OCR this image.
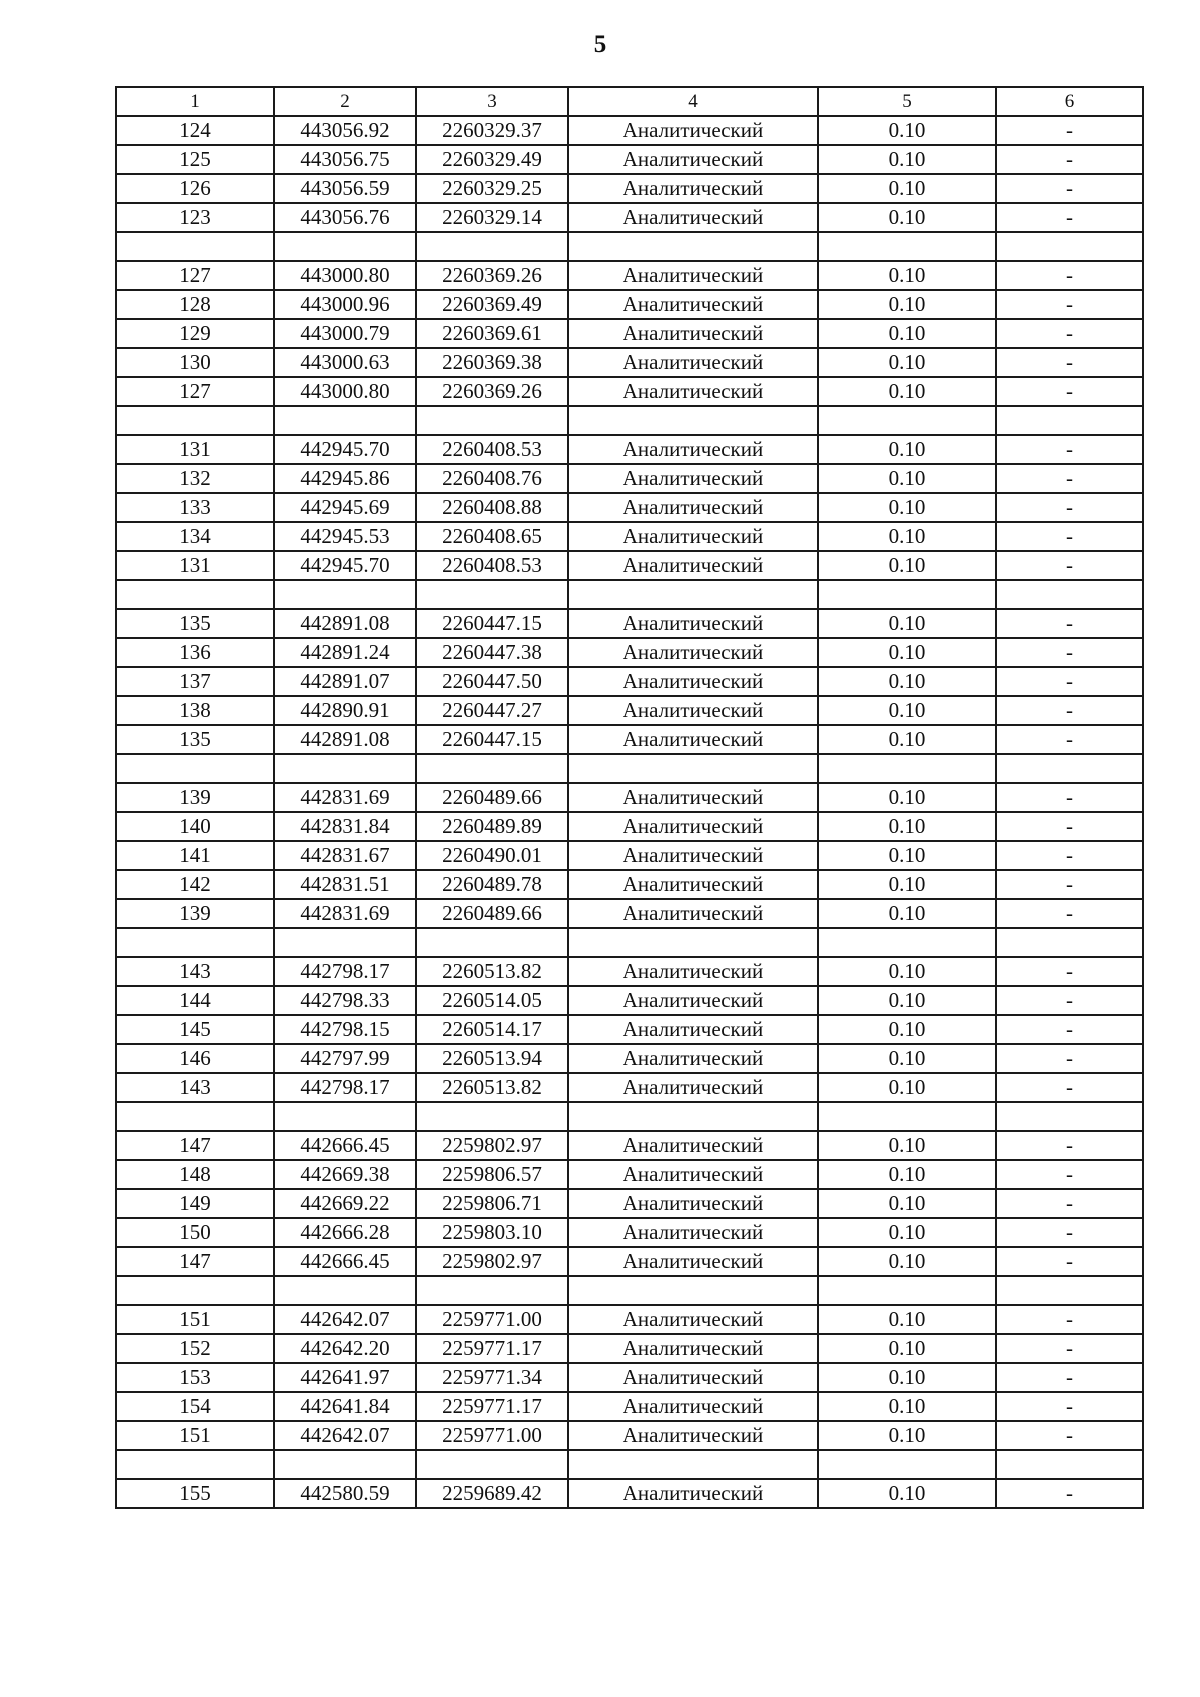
5
1	2	3	4	5	6
124	443056.92	2260329.37	Аналитический	0.10	-
125	443056.75	2260329.49	Аналитический	0.10	-
126	443056.59	2260329.25	Аналитический	0.10	-
123	443056.76	2260329.14	Аналитический	0.10	-

127	443000.80	2260369.26	Аналитический	0.10	-
128	443000.96	2260369.49	Аналитический	0.10	-
129	443000.79	2260369.61	Аналитический	0.10	-
130	443000.63	2260369.38	Аналитический	0.10	-
127	443000.80	2260369.26	Аналитический	0.10	-

131	442945.70	2260408.53	Аналитический	0.10	-
132	442945.86	2260408.76	Аналитический	0.10	-
133	442945.69	2260408.88	Аналитический	0.10	-
134	442945.53	2260408.65	Аналитический	0.10	-
131	442945.70	2260408.53	Аналитический	0.10	-

135	442891.08	2260447.15	Аналитический	0.10	-
136	442891.24	2260447.38	Аналитический	0.10	-
137	442891.07	2260447.50	Аналитический	0.10	-
138	442890.91	2260447.27	Аналитический	0.10	-
135	442891.08	2260447.15	Аналитический	0.10	-

139	442831.69	2260489.66	Аналитический	0.10	-
140	442831.84	2260489.89	Аналитический	0.10	-
141	442831.67	2260490.01	Аналитический	0.10	-
142	442831.51	2260489.78	Аналитический	0.10	-
139	442831.69	2260489.66	Аналитический	0.10	-

143	442798.17	2260513.82	Аналитический	0.10	-
144	442798.33	2260514.05	Аналитический	0.10	-
145	442798.15	2260514.17	Аналитический	0.10	-
146	442797.99	2260513.94	Аналитический	0.10	-
143	442798.17	2260513.82	Аналитический	0.10	-

147	442666.45	2259802.97	Аналитический	0.10	-
148	442669.38	2259806.57	Аналитический	0.10	-
149	442669.22	2259806.71	Аналитический	0.10	-
150	442666.28	2259803.10	Аналитический	0.10	-
147	442666.45	2259802.97	Аналитический	0.10	-

151	442642.07	2259771.00	Аналитический	0.10	-
152	442642.20	2259771.17	Аналитический	0.10	-
153	442641.97	2259771.34	Аналитический	0.10	-
154	442641.84	2259771.17	Аналитический	0.10	-
151	442642.07	2259771.00	Аналитический	0.10	-

155	442580.59	2259689.42	Аналитический	0.10	-
